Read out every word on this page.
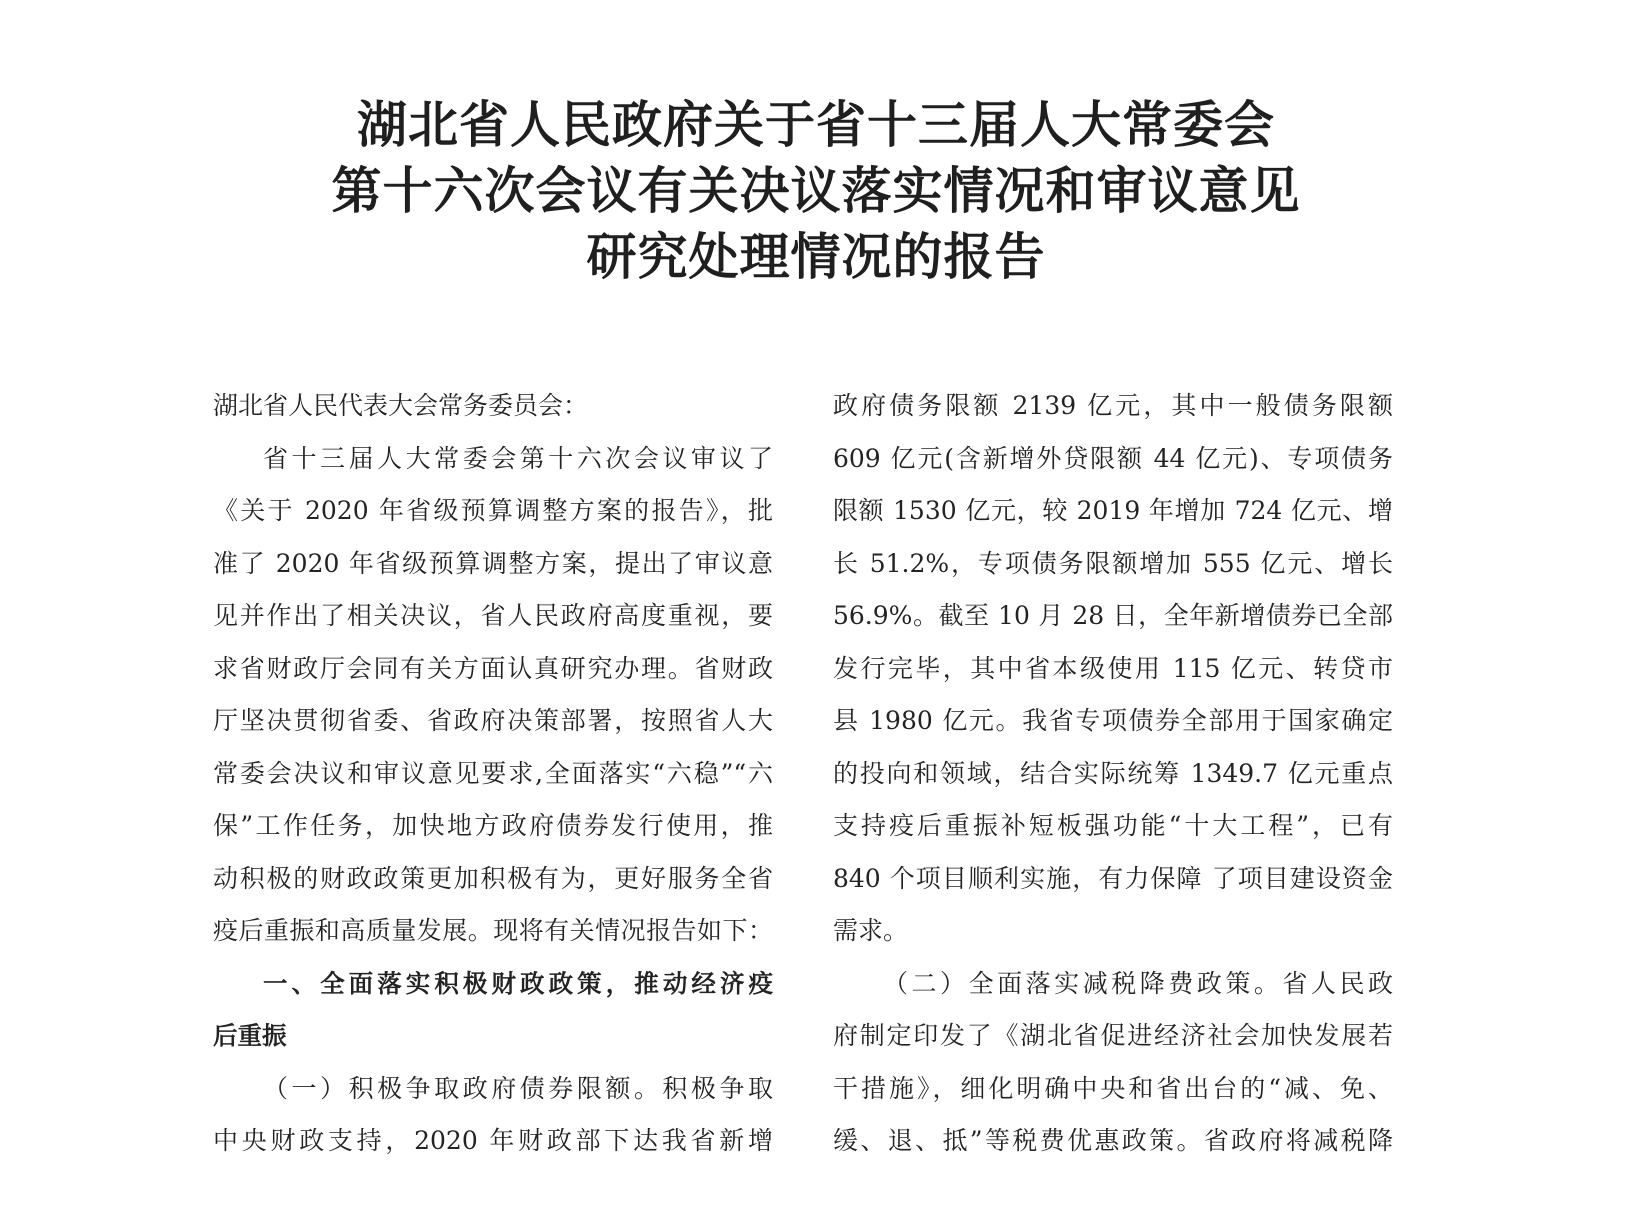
湖北省人民政府关于省十三届人大常委会
第十六次会议有关决议落实情况和审议意见
研究处理情况的报告
湖北省人民代表大会常务委员会：
省十三届人大常委会第十六次会议审议了
《关于 2020 年省级预算调整方案的报告》，批
准了 2020 年省级预算调整方案，提出了审议意
见并作出了相关决议，省人民政府高度重视，要
求省财政厅会同有关方面认真研究办理。省财政
厅坚决贯彻省委、省政府决策部署，按照省人大
常委会决议和审议意见要求,全面落实“六稳”“六
保”工作任务，加快地方政府债券发行使用，推
动积极的财政政策更加积极有为，更好服务全省
疫后重振和高质量发展。现将有关情况报告如下：
一、全面落实积极财政政策，推动经济疫
后重振
（一）积极争取政府债券限额。积极争取
中央财政支持，2020 年财政部下达我省新增
政府债务限额 2139 亿元，其中一般债务限额
609 亿元(含新增外贷限额 44 亿元)、专项债务
限额 1530 亿元，较 2019 年增加 724 亿元、增
长 51.2%，专项债务限额增加 555 亿元、增长
56.9%。截至 10 月 28 日，全年新增债券已全部
发行完毕，其中省本级使用 115 亿元、转贷市
县 1980 亿元。我省专项债券全部用于国家确定
的投向和领域，结合实际统筹 1349.7 亿元重点
支持疫后重振补短板强功能“十大工程”，已有
840 个项目顺利实施，有力保障 了项目建设资金
需求。
（二）全面落实减税降费政策。省人民政
府制定印发了《湖北省促进经济社会加快发展若
干措施》，细化明确中央和省出台的“减、免、
缓、退、抵”等税费优惠政策。省政府将减税降
